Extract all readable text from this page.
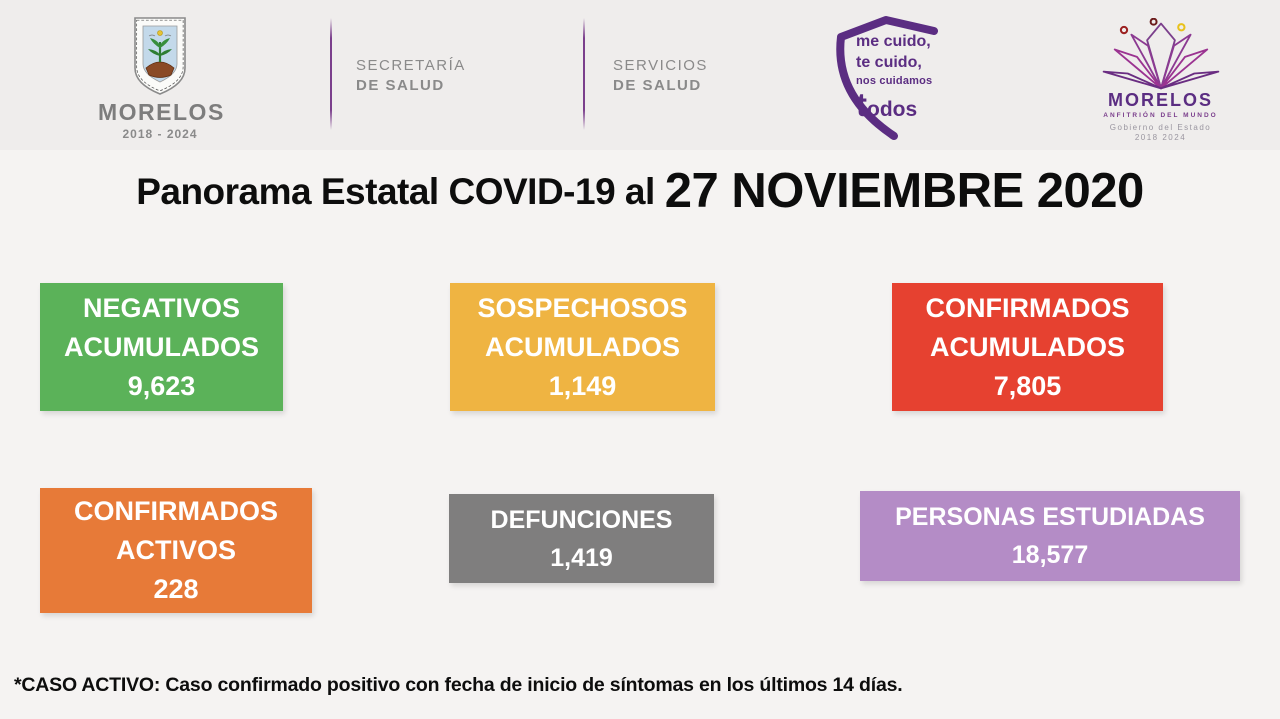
MORELOS
2018 - 2024
SECRETARÍA
DE SALUD
SERVICIOS
DE SALUD
me cuido,
te cuido,
nos cuidamos
todos	MORELOS
ANFITRIÓN DEL MUNDO
Gobierno del Estado
2018 2024
Panorama Estatal COVID-19 al 27 NOVIEMBRE 2020
NEGATIVOS
ACUMULADOS
9,623
SOSPECHOSOS
ACUMULADOS
1,149
CONFIRMADOS
ACUMULADOS
7,805
CONFIRMADOS
ACTIVOS
228
DEFUNCIONES
1,419
PERSONAS ESTUDIADAS
18,577
*CASO ACTIVO: Caso confirmado positivo con fecha de inicio de síntomas en los últimos 14 días.
